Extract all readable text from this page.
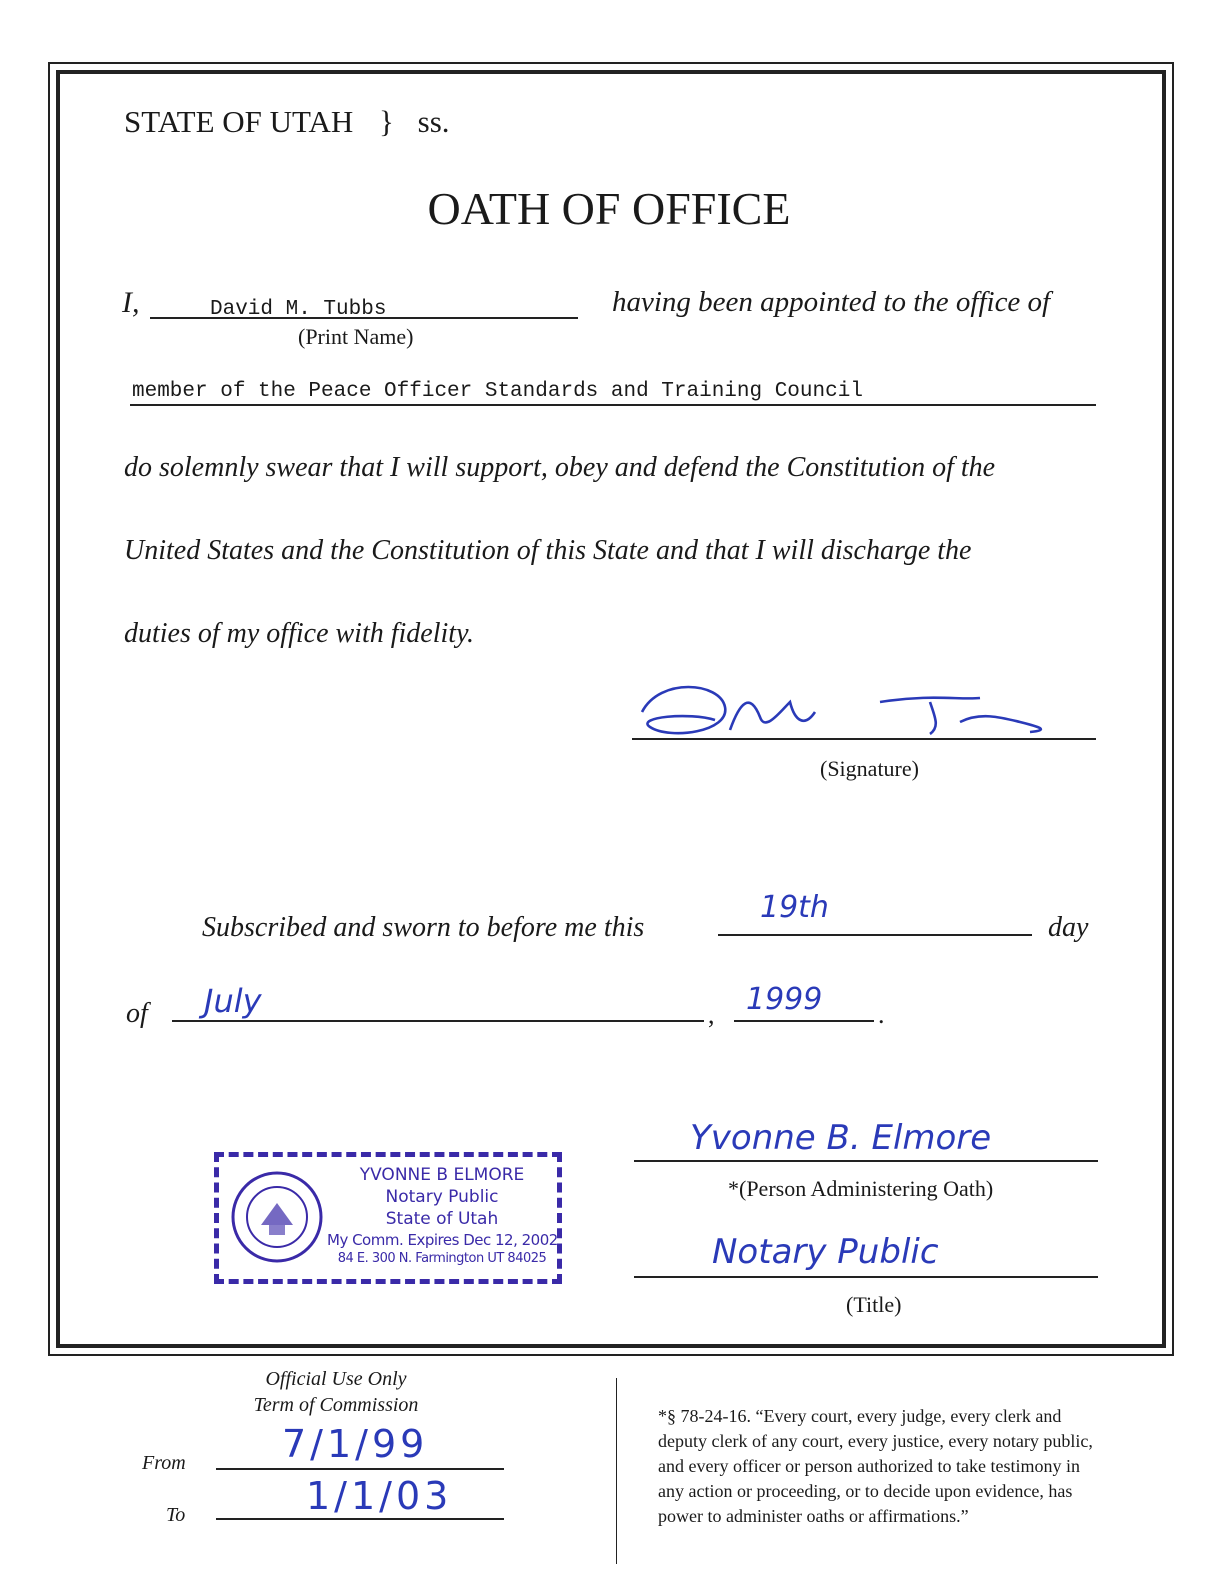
STATE OF UTAH } ss.
OATH OF OFFICE
I,	David M. Tubbs
(Print Name)
having been appointed to the office of
member of the Peace Officer Standards and Training Council
do solemnly swear that I will support, obey and defend the Constitution of the
United States and the Constitution of this State and that I will discharge the
duties of my office with fidelity.
(Signature)
Subscribed and sworn to before me this
19th
day
of July	, 1999 .
YVONNE B ELMORE
Notary Public
State of Utah
My Comm. Expires Dec 12, 2002
84 E. 300 N. Farmington UT 84025
Yvonne B. Elmore
*(Person Administering Oath)
Notary Public
(Title)
Official Use Only
Term of Commission
From	7/1/99
To	1/1/03
*§ 78-24-16. “Every court, every judge, every clerk and
deputy clerk of any court, every justice, every notary public,
and every officer or person authorized to take testimony in
any action or proceeding, or to decide upon evidence, has
power to administer oaths or affirmations.”
